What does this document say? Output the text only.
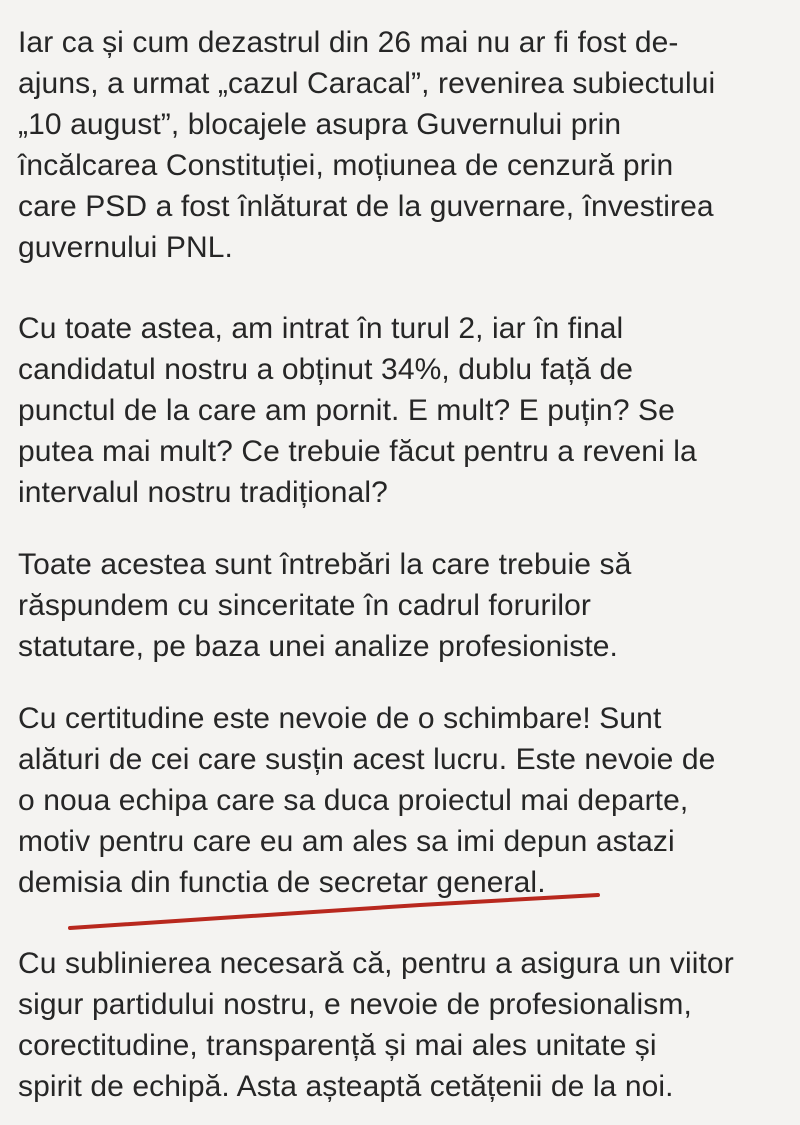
Iar ca și cum dezastrul din 26 mai nu ar fi fost de-
ajuns, a urmat „cazul Caracal”, revenirea subiectului
„10 august”, blocajele asupra Guvernului prin
încălcarea Constituției, moțiunea de cenzură prin
care PSD a fost înlăturat de la guvernare, învestirea
guvernului PNL.

Cu toate astea, am intrat în turul 2, iar în final
candidatul nostru a obținut 34%, dublu față de
punctul de la care am pornit. E mult? E puțin? Se
putea mai mult? Ce trebuie făcut pentru a reveni la
intervalul nostru tradițional?

Toate acestea sunt întrebări la care trebuie să
răspundem cu sinceritate în cadrul forurilor
statutare, pe baza unei analize profesioniste.

Cu certitudine este nevoie de o schimbare! Sunt
alături de cei care susțin acest lucru. Este nevoie de
o noua echipa care sa duca proiectul mai departe,
motiv pentru care eu am ales sa imi depun astazi
demisia din functia de secretar general.

Cu sublinierea necesară că, pentru a asigura un viitor
sigur partidului nostru, e nevoie de profesionalism,
corectitudine, transparență și mai ales unitate și
spirit de echipă. Asta așteaptă cetățenii de la noi.
